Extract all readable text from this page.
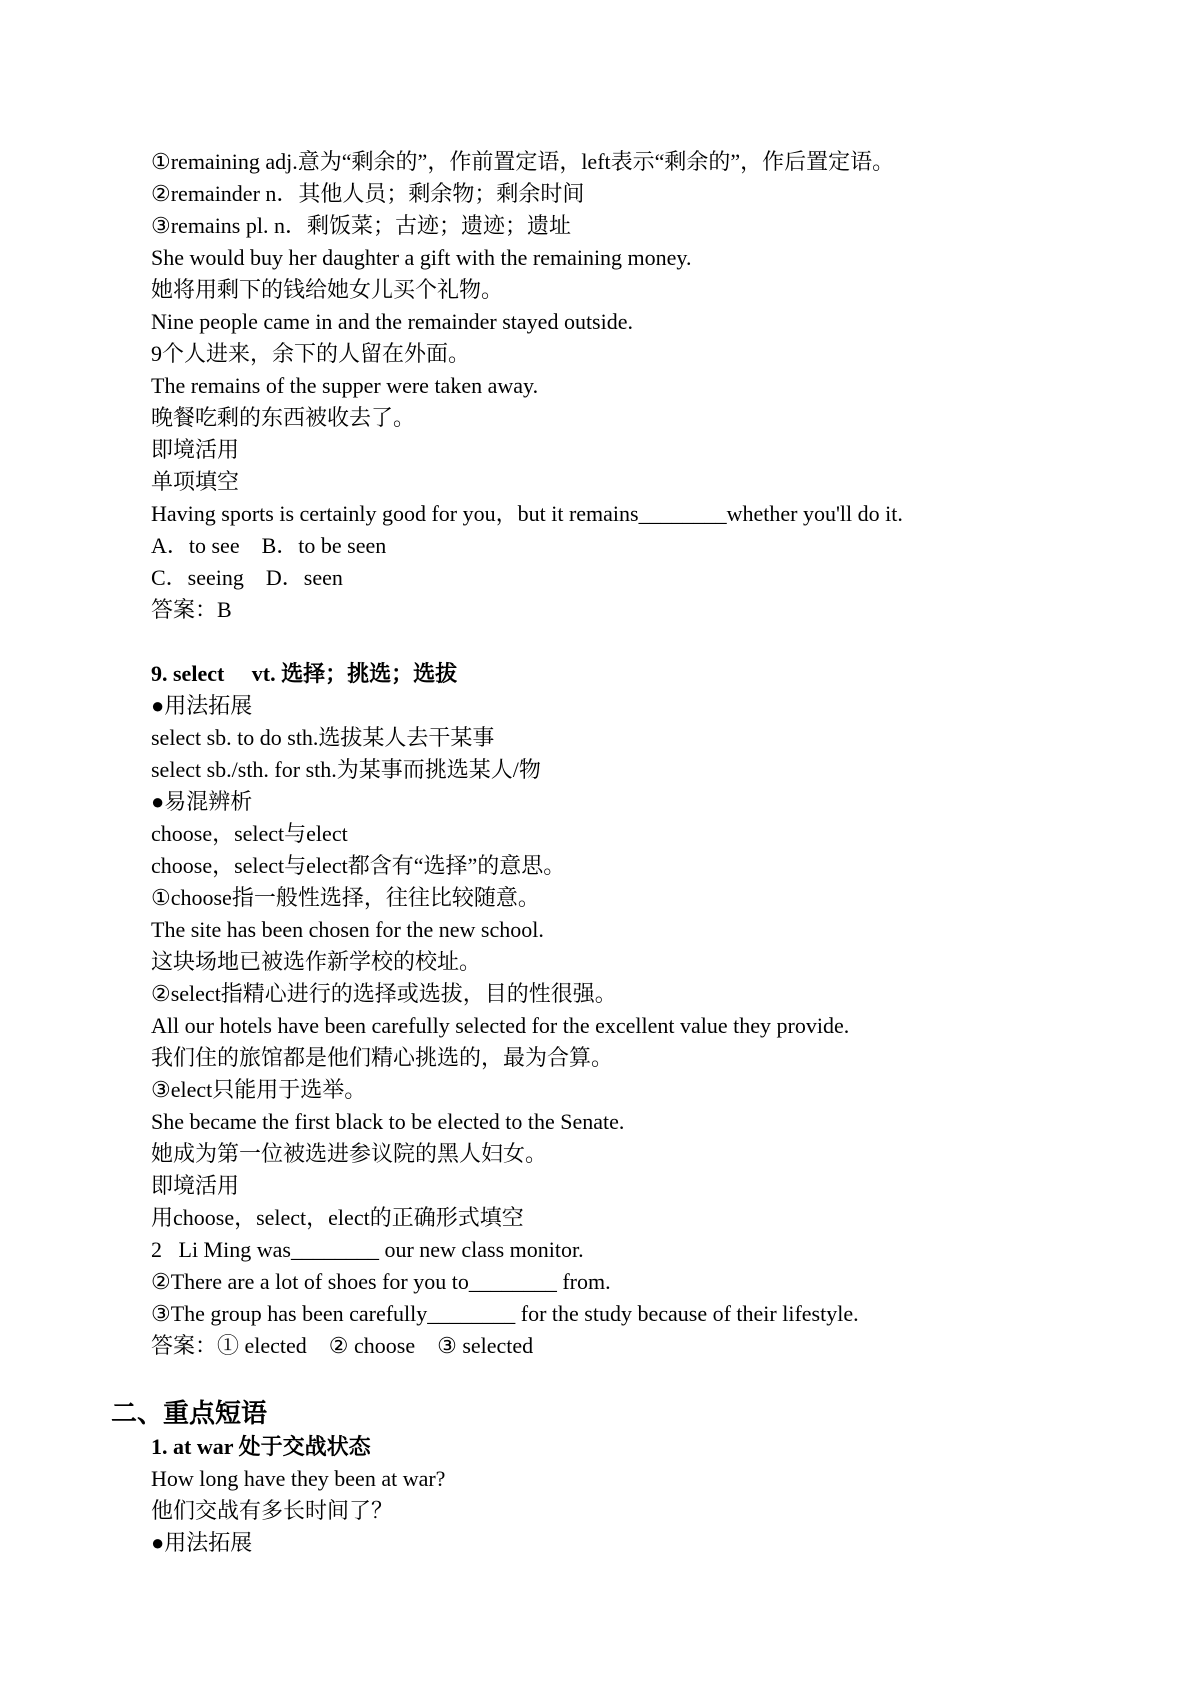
①remaining adj.意为“剩余的”，作前置定语，left表示“剩余的”，作后置定语。
②remainder n．其他人员；剩余物；剩余时间
③remains pl. n．剩饭菜；古迹；遗迹；遗址
She would buy her daughter a gift with the remaining money.
她将用剩下的钱给她女儿买个礼物。
Nine people came in and the remainder stayed outside.
9个人进来，余下的人留在外面。
The remains of the supper were taken away.
晚餐吃剩的东西被收去了。
即境活用
单项填空
Having sports is certainly good for you，but it remains________whether you'll do it.
A．to see    B．to be seen
C．seeing    D．seen
答案：B
9. select     vt. 选择；挑选；选拔
●用法拓展
select sb. to do sth.选拔某人去干某事
select sb./sth. for sth.为某事而挑选某人/物
●易混辨析
choose，select与elect
choose，select与elect都含有“选择”的意思。
①choose指一般性选择，往往比较随意。
The site has been chosen for the new school.
这块场地已被选作新学校的校址。
②select指精心进行的选择或选拔，目的性很强。
All our hotels have been carefully selected for the excellent value they provide.
我们住的旅馆都是他们精心挑选的，最为合算。
③elect只能用于选举。
She became the first black to be elected to the Senate.
她成为第一位被选进参议院的黑人妇女。
即境活用
用choose，select，elect的正确形式填空
2   Li Ming was________ our new class monitor.
②There are a lot of shoes for you to________ from.
③The group has been carefully________ for the study because of their lifestyle.
答案：① elected    ② choose    ③ selected
二、重点短语
1. at war 处于交战状态
How long have they been at war?
他们交战有多长时间了？
●用法拓展
